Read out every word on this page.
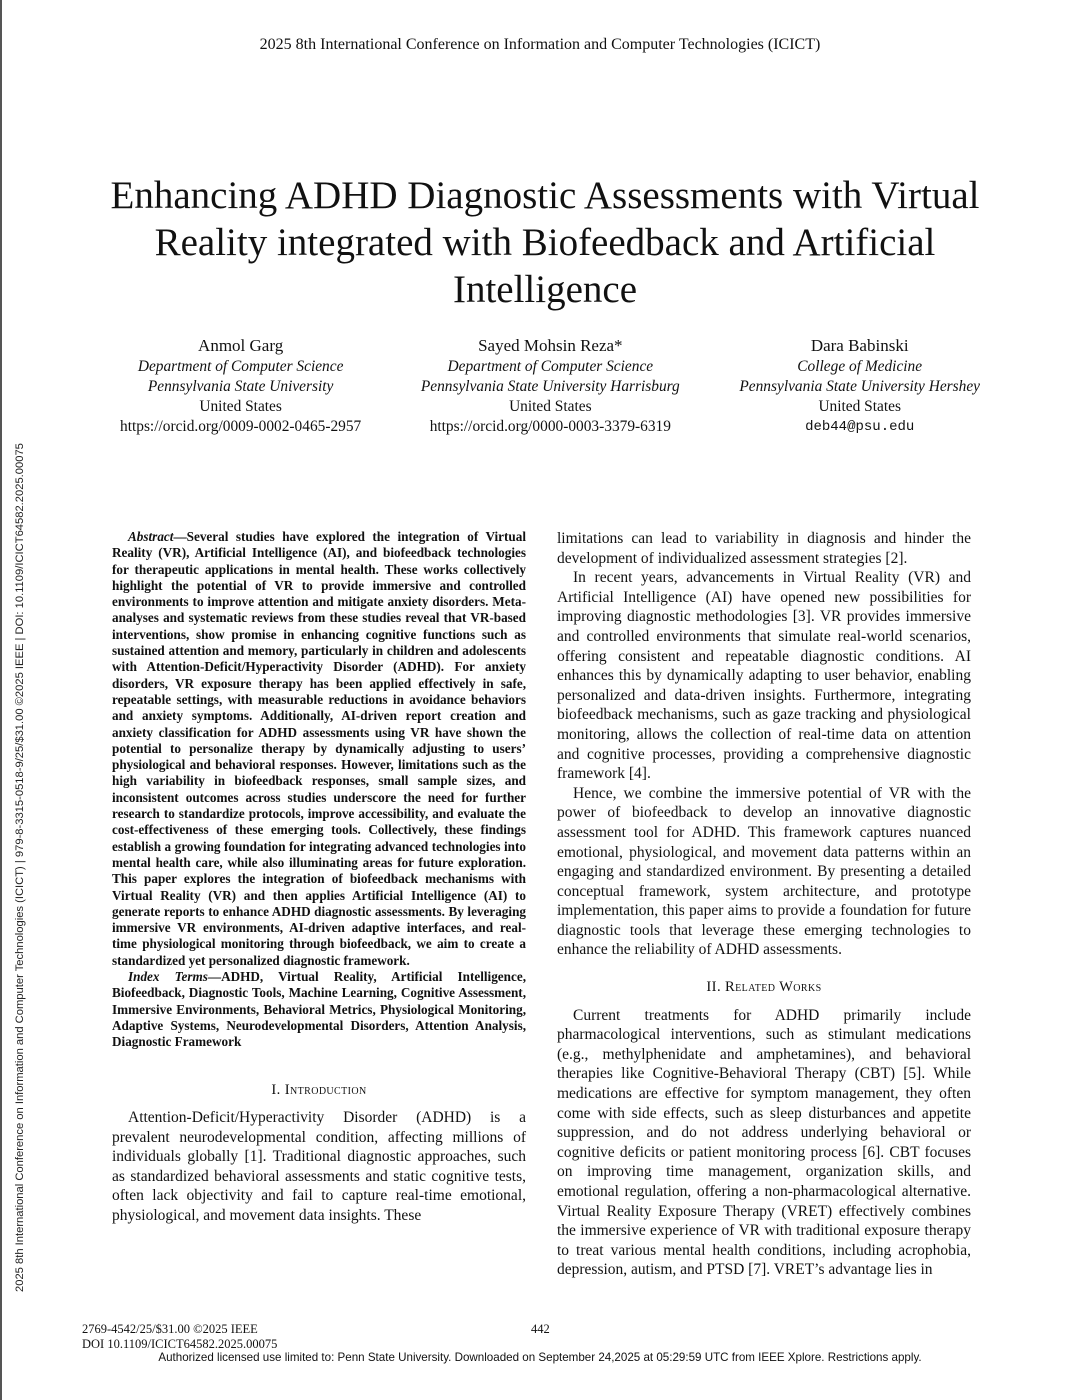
2025 8th International Conference on Information and Computer Technologies (ICICT) | 979-8-3315-0518-9/25/$31.00 ©2025 IEEE | DOI: 10.1109/ICICT64582.2025.00075
2025 8th International Conference on Information and Computer Technologies (ICICT)
Enhancing ADHD Diagnostic Assessments with Virtual Reality integrated with Biofeedback and Artificial Intelligence
Anmol Garg
Department of Computer Science
Pennsylvania State University
United States
https://orcid.org/0009-0002-0465-2957
Sayed Mohsin Reza*
Department of Computer Science
Pennsylvania State University Harrisburg
United States
https://orcid.org/0000-0003-3379-6319
Dara Babinski
College of Medicine
Pennsylvania State University Hershey
United States
deb44@psu.edu

Abstract—Several studies have explored the integration of Virtual Reality (VR), Artificial Intelligence (AI), and biofeedback technologies for therapeutic applications in mental health. These works collectively highlight the potential of VR to provide immersive and controlled environments to improve attention and mitigate anxiety disorders. Meta-analyses and systematic reviews from these studies reveal that VR-based interventions, show promise in enhancing cognitive functions such as sustained attention and memory, particularly in children and adolescents with Attention-Deficit/Hyperactivity Disorder (ADHD). For anxiety disorders, VR exposure therapy has been applied effectively in safe, repeatable settings, with measurable reductions in avoidance behaviors and anxiety symptoms. Additionally, AI-driven report creation and anxiety classification for ADHD assessments using VR have shown the potential to personalize therapy by dynamically adjusting to users’ physiological and behavioral responses. However, limitations such as the high variability in biofeedback responses, small sample sizes, and inconsistent outcomes across studies underscore the need for further research to standardize protocols, improve accessibility, and evaluate the cost-effectiveness of these emerging tools. Collectively, these findings establish a growing foundation for integrating advanced technologies into mental health care, while also illuminating areas for future exploration. This paper explores the integration of biofeedback mechanisms with Virtual Reality (VR) and then applies Artificial Intelligence (AI) to generate reports to enhance ADHD diagnostic assessments. By leveraging immersive VR environments, AI-driven adaptive interfaces, and real-time physiological monitoring through biofeedback, we aim to create a standardized yet personalized diagnostic framework.

Index Terms—ADHD, Virtual Reality, Artificial Intelligence, Biofeedback, Diagnostic Tools, Machine Learning, Cognitive Assessment, Immersive Environments, Behavioral Metrics, Physiological Monitoring, Adaptive Systems, Neurodevelopmental Disorders, Attention Analysis, Diagnostic Framework

I. Introduction

Attention-Deficit/Hyperactivity Disorder (ADHD) is a prevalent neurodevelopmental condition, affecting millions of individuals globally [1]. Traditional diagnostic approaches, such as standardized behavioral assessments and static cognitive tests, often lack objectivity and fail to capture real-time emotional, physiological, and movement data insights. These

limitations can lead to variability in diagnosis and hinder the development of individualized assessment strategies [2].

In recent years, advancements in Virtual Reality (VR) and Artificial Intelligence (AI) have opened new possibilities for improving diagnostic methodologies [3]. VR provides immersive and controlled environments that simulate real-world scenarios, offering consistent and repeatable diagnostic conditions. AI enhances this by dynamically adapting to user behavior, enabling personalized and data-driven insights. Furthermore, integrating biofeedback mechanisms, such as gaze tracking and physiological monitoring, allows the collection of real-time data on attention and cognitive processes, providing a comprehensive diagnostic framework [4].

Hence, we combine the immersive potential of VR with the power of biofeedback to develop an innovative diagnostic assessment tool for ADHD. This framework captures nuanced emotional, physiological, and movement data patterns within an engaging and standardized environment. By presenting a detailed conceptual framework, system architecture, and prototype implementation, this paper aims to provide a foundation for future diagnostic tools that leverage these emerging technologies to enhance the reliability of ADHD assessments.

II. Related Works

Current treatments for ADHD primarily include pharmacological interventions, such as stimulant medications (e.g., methylphenidate and amphetamines), and behavioral therapies like Cognitive-Behavioral Therapy (CBT) [5]. While medications are effective for symptom management, they often come with side effects, such as sleep disturbances and appetite suppression, and do not address underlying behavioral or cognitive deficits or patient monitoring process [6]. CBT focuses on improving time management, organization skills, and emotional regulation, offering a non-pharmacological alternative. Virtual Reality Exposure Therapy (VRET) effectively combines the immersive experience of VR with traditional exposure therapy to treat various mental health conditions, including acrophobia, depression, autism, and PTSD [7]. VRET’s advantage lies in

2769-4542/25/$31.00 ©2025 IEEE
DOI 10.1109/ICICT64582.2025.00075
442
Authorized licensed use limited to: Penn State University. Downloaded on September 24,2025 at 05:29:59 UTC from IEEE Xplore. Restrictions apply.
